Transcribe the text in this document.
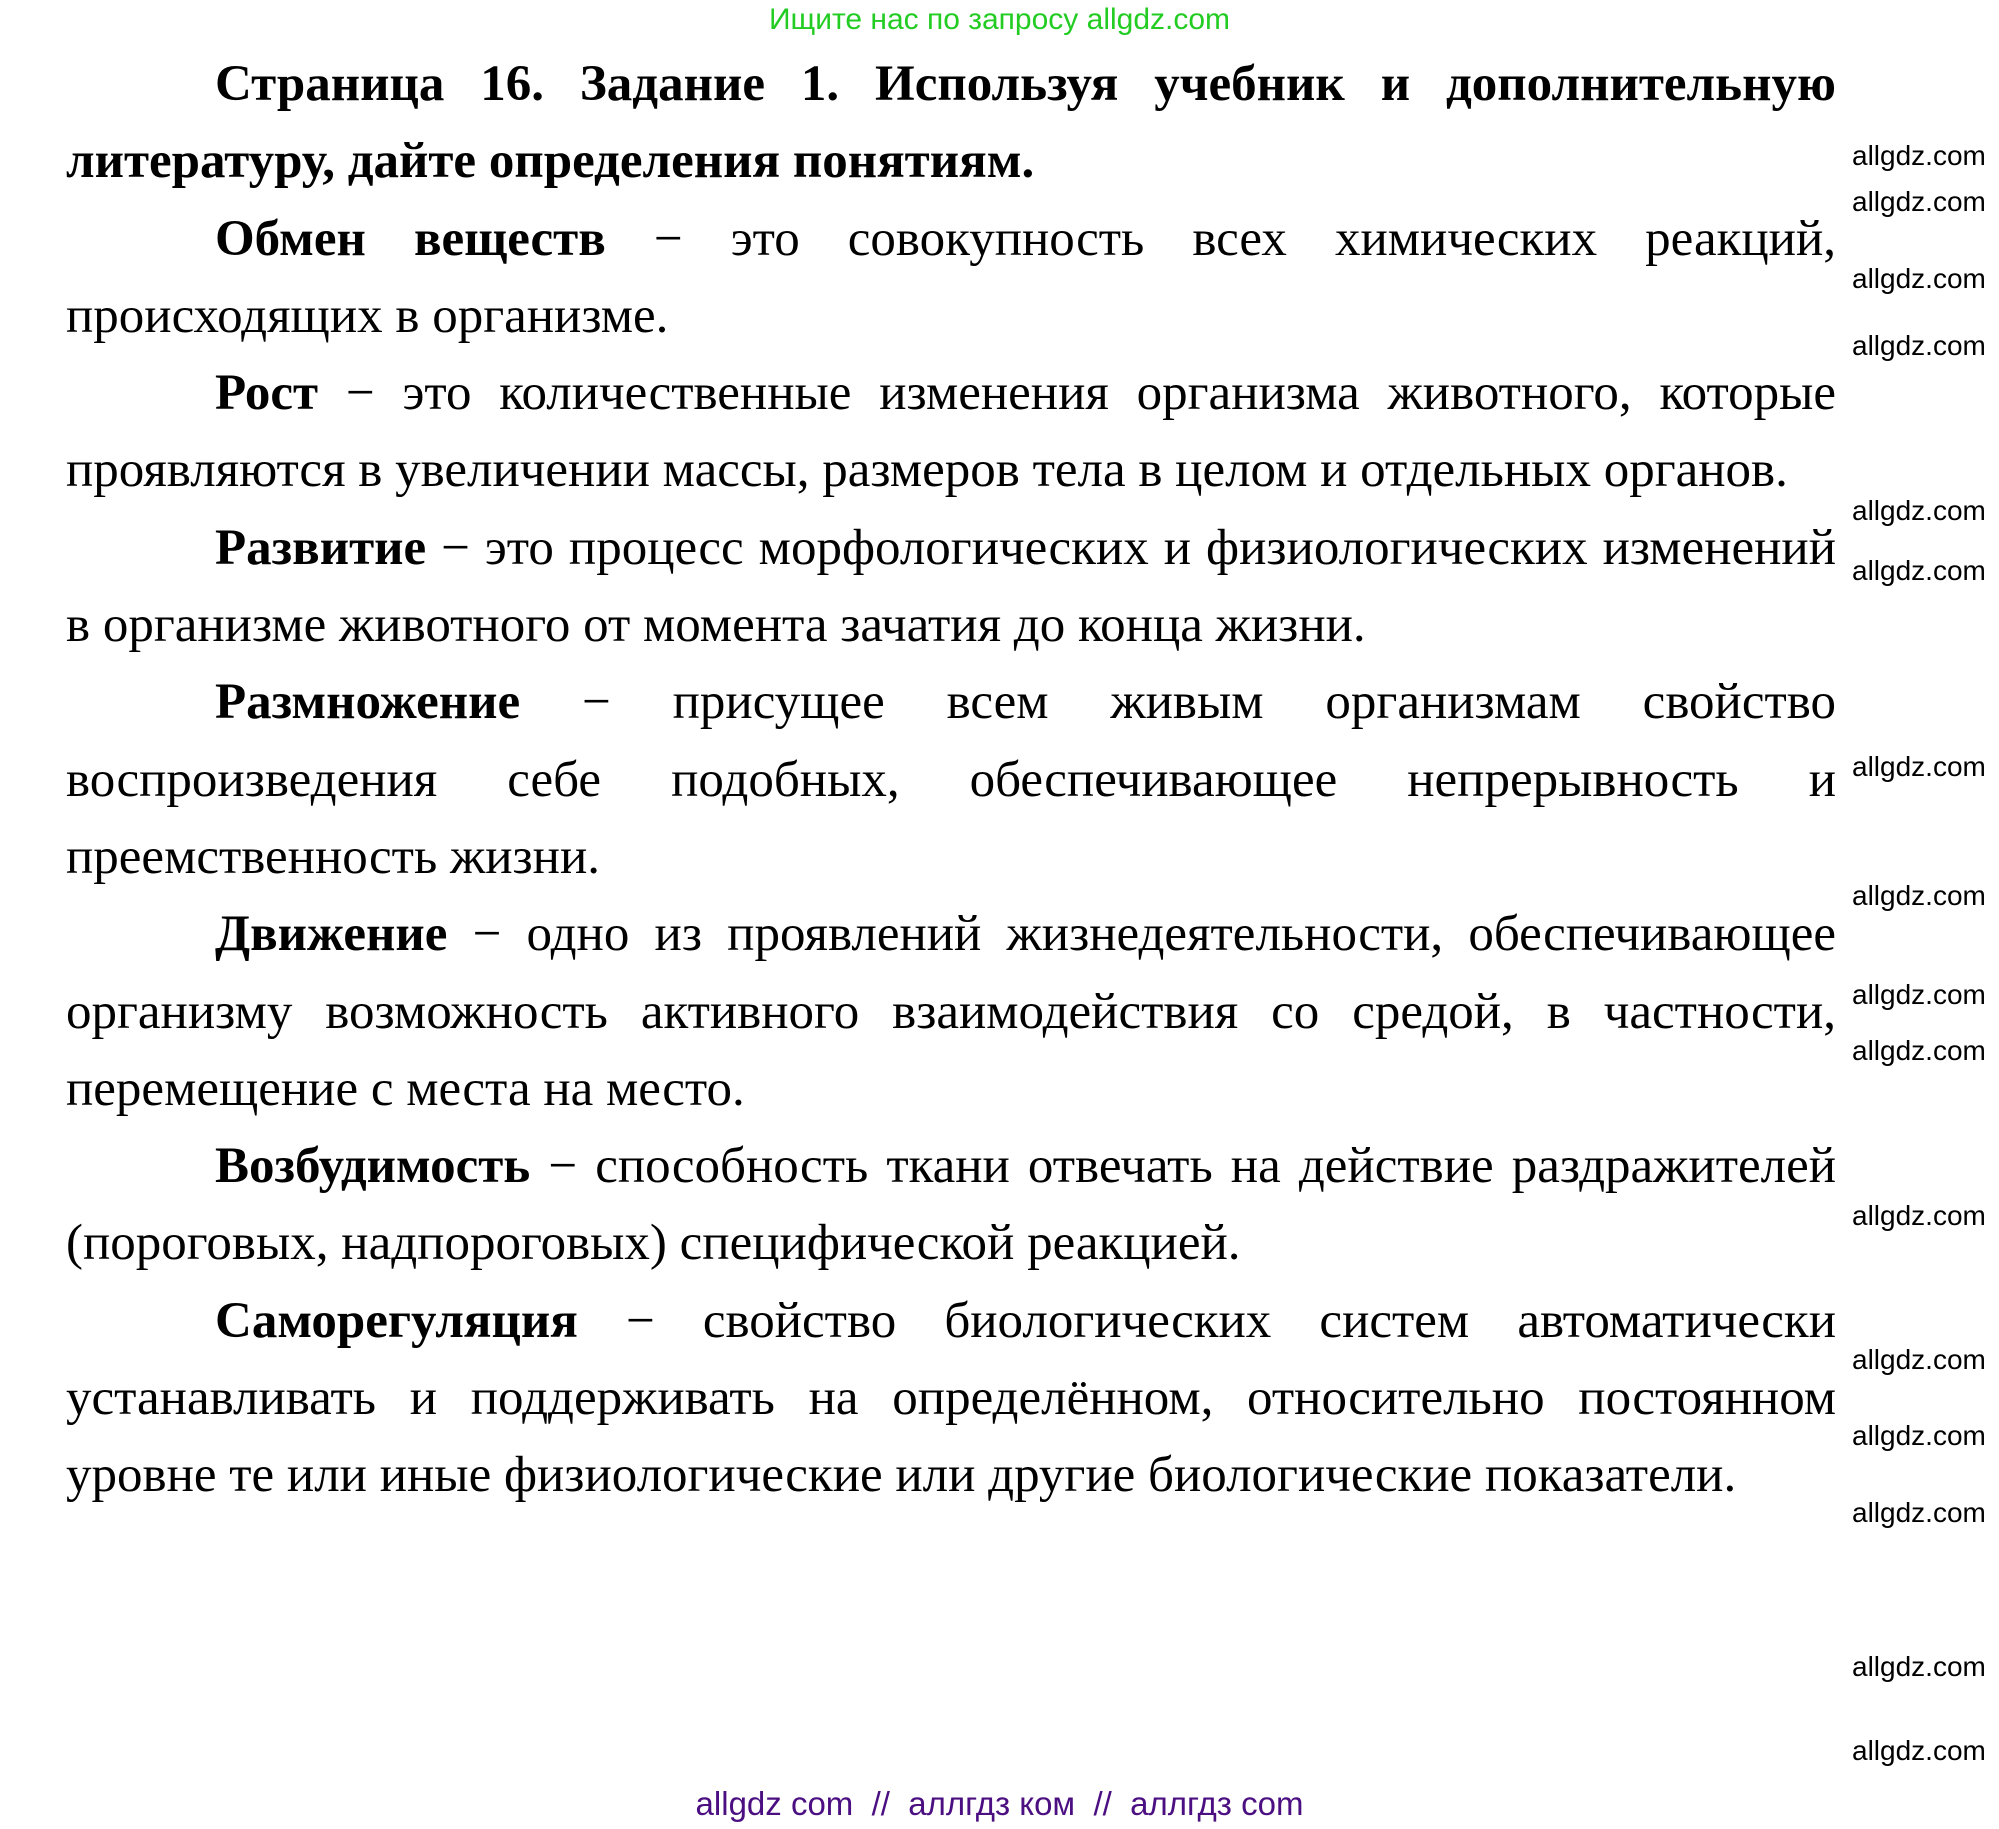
Ищите нас по запросу allgdz.com

Страница 16. Задание 1. Используя учебник и дополнительную литературу, дайте определения понятиям.

Обмен веществ − это совокупность всех химических реакций, происходящих в организме.

Рост − это количественные изменения организма животного, которые проявляются в увеличении массы, размеров тела в целом и отдельных органов.

Развитие − это процесс морфологических и физиологических изменений в организме животного от момента зачатия до конца жизни.

Размножение − присущее всем живым организмам свойство воспроизведения себе подобных, обеспечивающее непрерывность и преемственность жизни.

Движение − одно из проявлений жизнедеятельности, обеспечивающее организму возможность активного взаимодействия со средой, в частности, перемещение с места на место.

Возбудимость − способность ткани отвечать на действие раздражителей (пороговых, надпороговых) специфической реакцией.

Саморегуляция − свойство биологических систем автоматически устанавливать и поддерживать на определённом, относительно постоянном уровне те или иные физиологические или другие биологические показатели.

allgdz.com
allgdz.com
allgdz.com
allgdz.com
allgdz.com
allgdz.com
allgdz.com
allgdz.com
allgdz.com
allgdz.com
allgdz.com
allgdz.com
allgdz.com
allgdz.com
allgdz.com
allgdz.com
allgdz com  //  аллгдз ком  //  аллгдз com
